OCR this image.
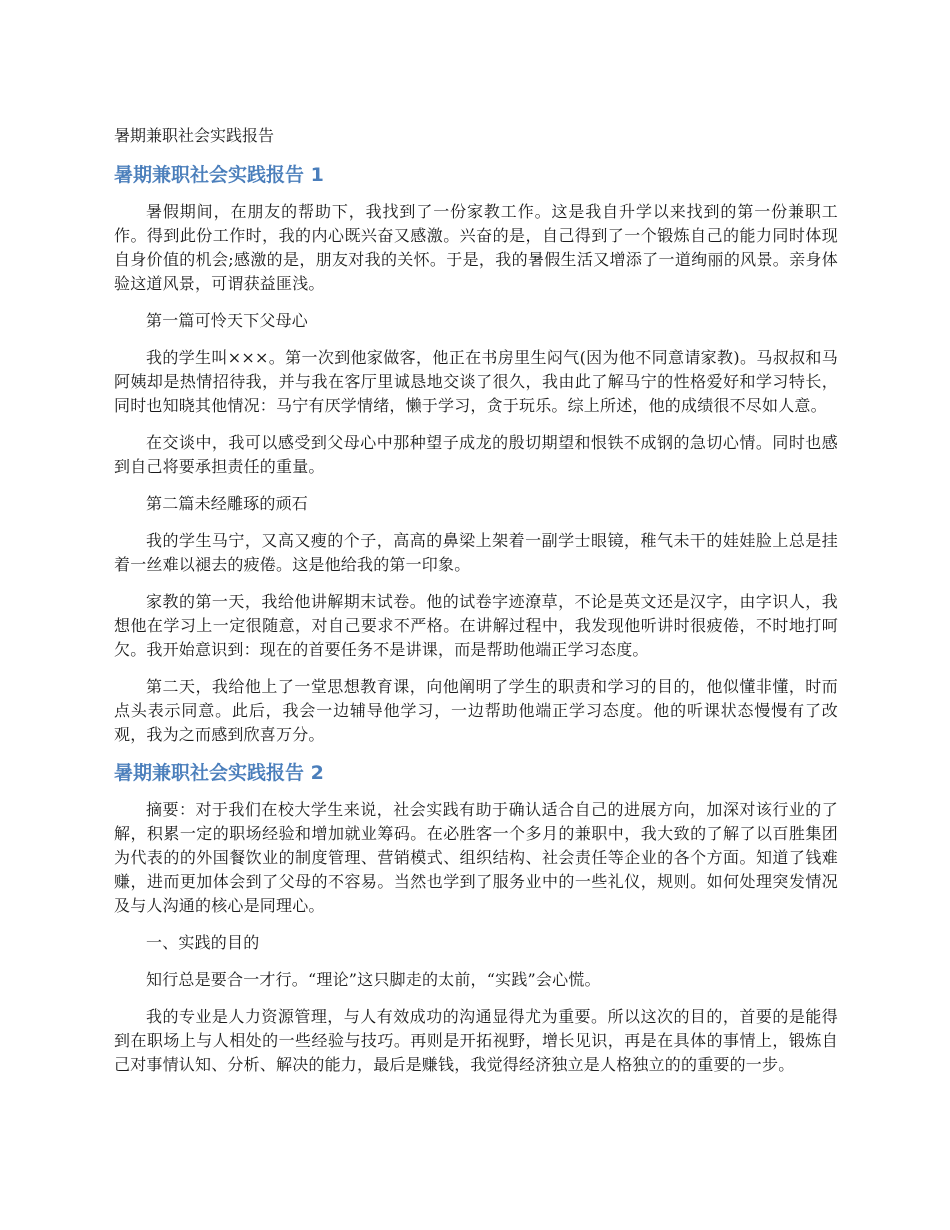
暑期兼职社会实践报告
暑期兼职社会实践报告 1

暑假期间，在朋友的帮助下，我找到了一份家教工作。这是我自升学以来找到的第一份兼职工作。得到此份工作时，我的内心既兴奋又感激。兴奋的是，自己得到了一个锻炼自己的能力同时体现自身价值的机会;感激的是，朋友对我的关怀。于是，我的暑假生活又增添了一道绚丽的风景。亲身体验这道风景，可谓获益匪浅。

第一篇可怜天下父母心

我的学生叫×××。第一次到他家做客，他正在书房里生闷气(因为他不同意请家教)。马叔叔和马阿姨却是热情招待我，并与我在客厅里诚恳地交谈了很久，我由此了解马宁的性格爱好和学习特长，同时也知晓其他情况：马宁有厌学情绪，懒于学习，贪于玩乐。综上所述，他的成绩很不尽如人意。

在交谈中，我可以感受到父母心中那种望子成龙的殷切期望和恨铁不成钢的急切心情。同时也感到自己将要承担责任的重量。

第二篇未经雕琢的顽石

我的学生马宁，又高又瘦的个子，高高的鼻梁上架着一副学士眼镜，稚气未干的娃娃脸上总是挂着一丝难以褪去的疲倦。这是他给我的第一印象。

家教的第一天，我给他讲解期末试卷。他的试卷字迹潦草，不论是英文还是汉字，由字识人，我想他在学习上一定很随意，对自己要求不严格。在讲解过程中，我发现他听讲时很疲倦，不时地打呵欠。我开始意识到：现在的首要任务不是讲课，而是帮助他端正学习态度。

第二天，我给他上了一堂思想教育课，向他阐明了学生的职责和学习的目的，他似懂非懂，时而点头表示同意。此后，我会一边辅导他学习，一边帮助他端正学习态度。他的听课状态慢慢有了改观，我为之而感到欣喜万分。

暑期兼职社会实践报告 2

摘要：对于我们在校大学生来说，社会实践有助于确认适合自己的进展方向，加深对该行业的了解，积累一定的职场经验和增加就业筹码。在必胜客一个多月的兼职中，我大致的了解了以百胜集团为代表的的外国餐饮业的制度管理、营销模式、组织结构、社会责任等企业的各个方面。知道了钱难赚，进而更加体会到了父母的不容易。当然也学到了服务业中的一些礼仪，规则。如何处理突发情况及与人沟通的核心是同理心。

一、实践的目的

知行总是要合一才行。“理论”这只脚走的太前，“实践”会心慌。

我的专业是人力资源管理，与人有效成功的沟通显得尤为重要。所以这次的目的，首要的是能得到在职场上与人相处的一些经验与技巧。再则是开拓视野，增长见识，再是在具体的事情上，锻炼自己对事情认知、分析、解决的能力，最后是赚钱，我觉得经济独立是人格独立的的重要的一步。
